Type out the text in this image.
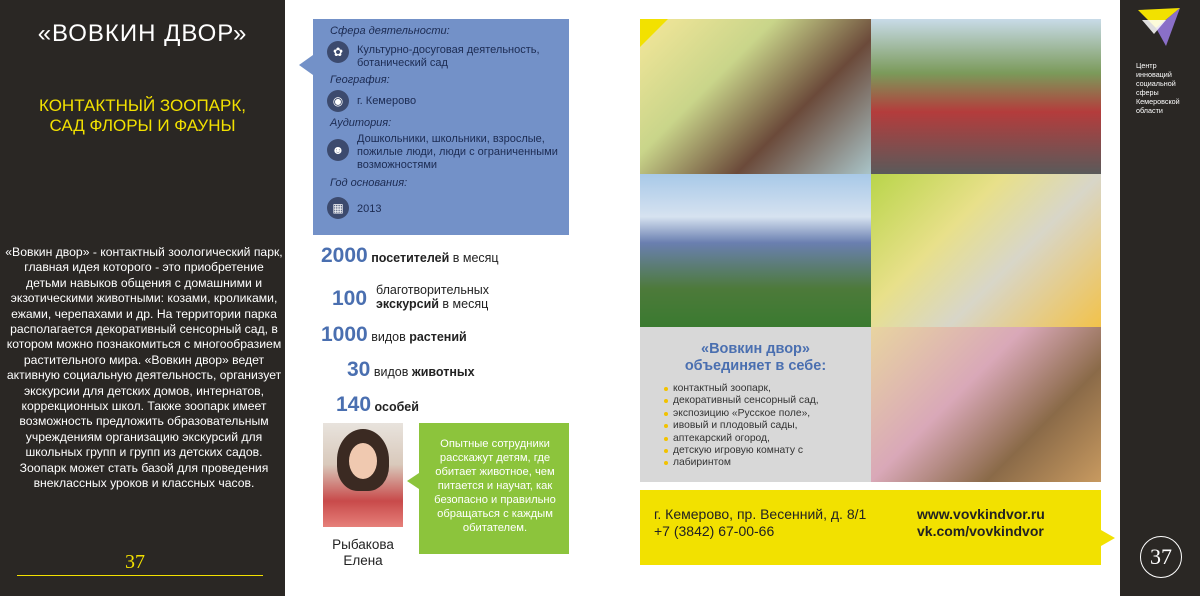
«ВОВКИН ДВОР»
КОНТАКТНЫЙ ЗООПАРК,
САД ФЛОРЫ И ФАУНЫ
«Вовкин двор» - контактный зоологический парк, главная идея которого - это приобретение детьми навыков общения с домашними и экзотическими животными: козами, кроликами, ежами, черепахами и др. На территории парка располагается декоративный сенсорный сад, в котором можно познакомиться с многообразием растительного мира. «Вовкин двор» ведет активную социальную деятельность, организует экскурсии для детских домов, интернатов, коррекционных школ. Также зоопарк имеет возможность предложить образовательным учреждениям организацию экскурсий для школьных групп и групп из детских садов. Зоопарк может стать базой для проведения внеклассных уроков и классных часов.
37
Сфера деятельности:
✿	Культурно-досуговая деятельность, ботанический сад
География:
◉	г. Кемерово
Аудитория:
☻
Дошкольники, школьники, взрослые, пожилые люди, люди с ограниченными возможностями
Год основания:
▦	2013
2000 посетителей в месяц
100 благотворительных
экскурсий в месяц
1000 видов растений
30 видов животных
140 особей
Рыбакова
Елена

Опытные сотрудники расскажут детям, где обитает животное, чем питается и научат, как безопасно и правильно обращаться с каждым обитателем.

«Вовкин двор»
объединяет в себе:
контактный зоопарк,
декоративный сенсорный сад,
экспозицию «Русское поле»,
ивовый и плодовый сады,
аптекарский огород,
детскую игровую комнату с
лабиринтом
г. Кемерово, пр. Весенний, д. 8/1
+7 (3842) 67-00-66
www.vovkindvor.ru
vk.com/vovkindvor
Центр
инноваций
социальной
сферы
Кемеровской
области
37
